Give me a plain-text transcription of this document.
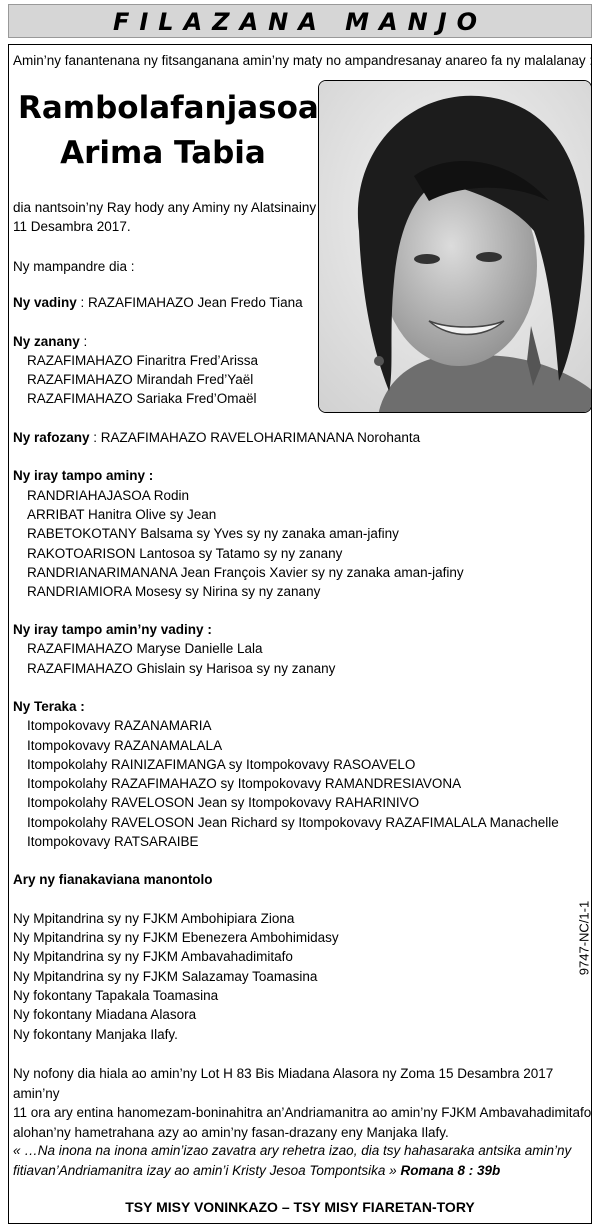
FILAZANA MANJO
Amin’ny fanantenana ny fitsanganana amin’ny maty no ampandresanay anareo fa ny malalanay :
Rambolafanjasoa
Arima Tabia
dia nantsoin’ny Ray hody any Aminy ny Alatsinainy
11 Desambra 2017.
Ny mampandre dia :
Ny vadiny : RAZAFIMAHAZO Jean Fredo Tiana
Ny zanany :
RAZAFIMAHAZO Finaritra Fred’Arissa
RAZAFIMAHAZO Mirandah Fred’Yaël
RAZAFIMAHAZO Sariaka Fred’Omaël
Ny rafozany : RAZAFIMAHAZO RAVELOHARIMANANA Norohanta
Ny iray tampo aminy :
RANDRIAHAJASOA Rodin
ARRIBAT Hanitra Olive sy Jean
RABETOKOTANY Balsama sy Yves sy ny zanaka aman-jafiny
RAKOTOARISON Lantosoa sy Tatamo sy ny zanany
RANDRIANARIMANANA Jean François Xavier sy ny zanaka aman-jafiny
RANDRIAMIORA Mosesy sy Nirina sy ny zanany
Ny iray tampo amin’ny vadiny :
RAZAFIMAHAZO Maryse Danielle Lala
RAZAFIMAHAZO Ghislain sy Harisoa sy ny zanany
Ny Teraka :
Itompokovavy RAZANAMARIA
Itompokovavy RAZANAMALALA
Itompokolahy RAINIZAFIMANGA sy Itompokovavy RASOAVELO
Itompokolahy RAZAFIMAHAZO sy Itompokovavy RAMANDRESIAVONA
Itompokolahy RAVELOSON Jean sy Itompokovavy RAHARINIVO
Itompokolahy RAVELOSON Jean Richard sy Itompokovavy RAZAFIMALALA Manachelle
Itompokovavy RATSARAIBE
Ary ny fianakaviana manontolo
Ny Mpitandrina sy ny FJKM Ambohipiara Ziona
Ny Mpitandrina sy ny FJKM Ebenezera Ambohimidasy
Ny Mpitandrina sy ny FJKM Ambavahadimitafo
Ny Mpitandrina sy ny FJKM Salazamay Toamasina
Ny fokontany Tapakala Toamasina
Ny fokontany Miadana Alasora
Ny fokontany Manjaka Ilafy.
9747-NC/1-1
Ny nofony dia hiala ao amin’ny Lot H 83 Bis Miadana Alasora ny Zoma 15 Desambra 2017 amin’ny
11 ora ary entina hanomezam-boninahitra an’Andriamanitra ao amin’ny FJKM Ambavahadimitafo
alohan’ny hametrahana azy ao amin’ny fasan-drazany eny Manjaka Ilafy.
« …Na inona na inona amin’izao zavatra ary rehetra izao, dia tsy hahasaraka antsika amin’ny
fitiavan’Andriamanitra izay ao amin’i Kristy Jesoa Tompontsika » Romana 8 : 39b
TSY MISY VONINKAZO – TSY MISY FIARETAN-TORY
